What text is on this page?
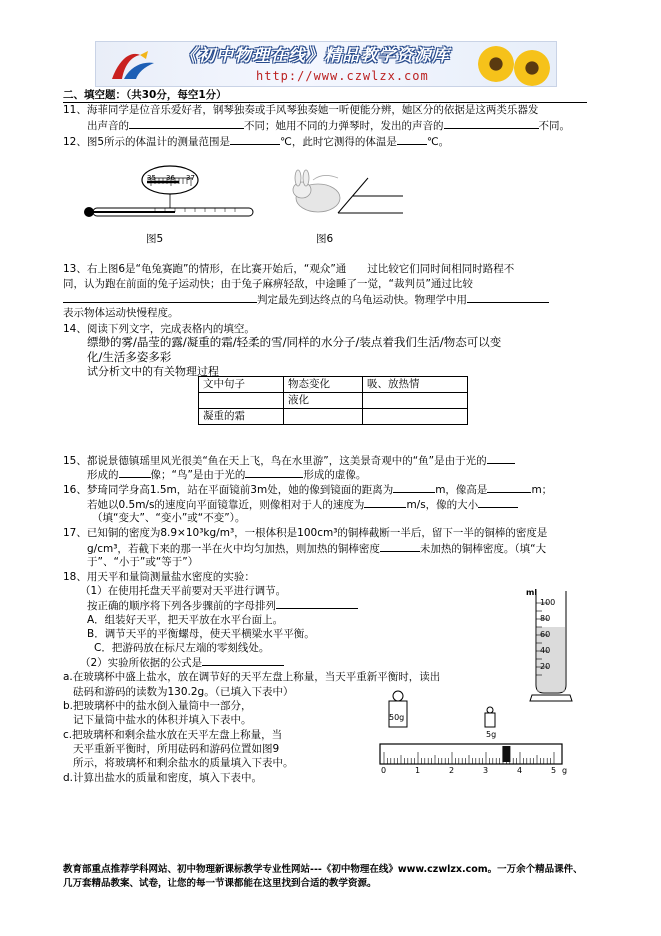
《初中物理在线》精品教学资源库
http://www.czwlzx.com
二、填空题：（共30分，每空1分）
11、海菲同学是位音乐爱好者，钢琴独奏或手风琴独奏她一听便能分辨，她区分的依据是这两类乐器发
出声音的	不同；她用不同的力弹琴时，发出的声音的	不同。
12、图5所示的体温计的测量范围是	℃，此时它测得的体温是	℃。
35 36 37
图5	图6
13、右上图6是“龟兔赛跑”的情形，在比赛开始后，“观众”通　　过比较它们同时间相同时路程不
同，认为跑在前面的兔子运动快；由于兔子麻痹轻敌，中途睡了一觉，“裁判员”通过比较
判定最先到达终点的乌龟运动快。物理学中用
表示物体运动快慢程度。
14、阅读下列文字，完成表格内的填空。
缥缈的雾/晶莹的露/凝重的霜/轻柔的雪/同样的水分子/装点着我们生活/物态可以变
化/生活多姿多彩
试分析文中的有关物理过程
文中句子	物态变化	吸、放热情
	液化	
凝重的霜		
15、都说景德镇瑶里风光很美“鱼在天上飞，鸟在水里游”，这美景奇观中的“鱼”是由于光的
形成的	像；“鸟”是由于光的	形成的虚像。
16、梦琦同学身高1.5m，站在平面镜前3m处，她的像到镜面的距离为	m，像高是	m；
若她以0.5m/s的速度向平面镜靠近，则像相对于人的速度为	m/s，像的大小
（填“变大”、“变小”或“不变”）。
17、已知铜的密度为8.9×10³kg/m³，一根体积是100cm³的铜棒截断一半后，留下一半的铜棒的密度是
g/cm³，若截下来的那一半在火中均匀加热，则加热的铜棒密度	未加热的铜棒密度。（填“大
于”、“小于”或“等于”）
18、用天平和量筒测量盐水密度的实验：
（1）在使用托盘天平前要对天平进行调节。
按正确的顺序将下列各步骤前的字母排列
A．组装好天平，把天平放在水平台面上。
B．调节天平的平衡螺母，使天平横梁水平平衡。
C．把游码放在标尺左端的零刻线处。
（2）实验所依据的公式是
a.在玻璃杯中盛上盐水，放在调节好的天平左盘上称量，当天平重新平衡时，读出
砝码和游码的读数为130.2g。（已填入下表中）
b.把玻璃杯中的盐水倒入量筒中一部分，
记下量筒中盐水的体积并填入下表中。
c.把玻璃杯和剩余盐水放在天平左盘上称量，当
天平重新平衡时，所用砝码和游码位置如图9
所示，将玻璃杯和剩余盐水的质量填入下表中。
d.计算出盐水的质量和密度，填入下表中。
ml
100
80
60
40
20
50g
5g
0	1	2	3	4	5 g
教育部重点推荐学科网站、初中物理新课标教学专业性网站---《初中物理在线》www.czwlzx.com。一万余个精品课件、
几万套精品教案、试卷，让您的每一节课都能在这里找到合适的教学资源。
